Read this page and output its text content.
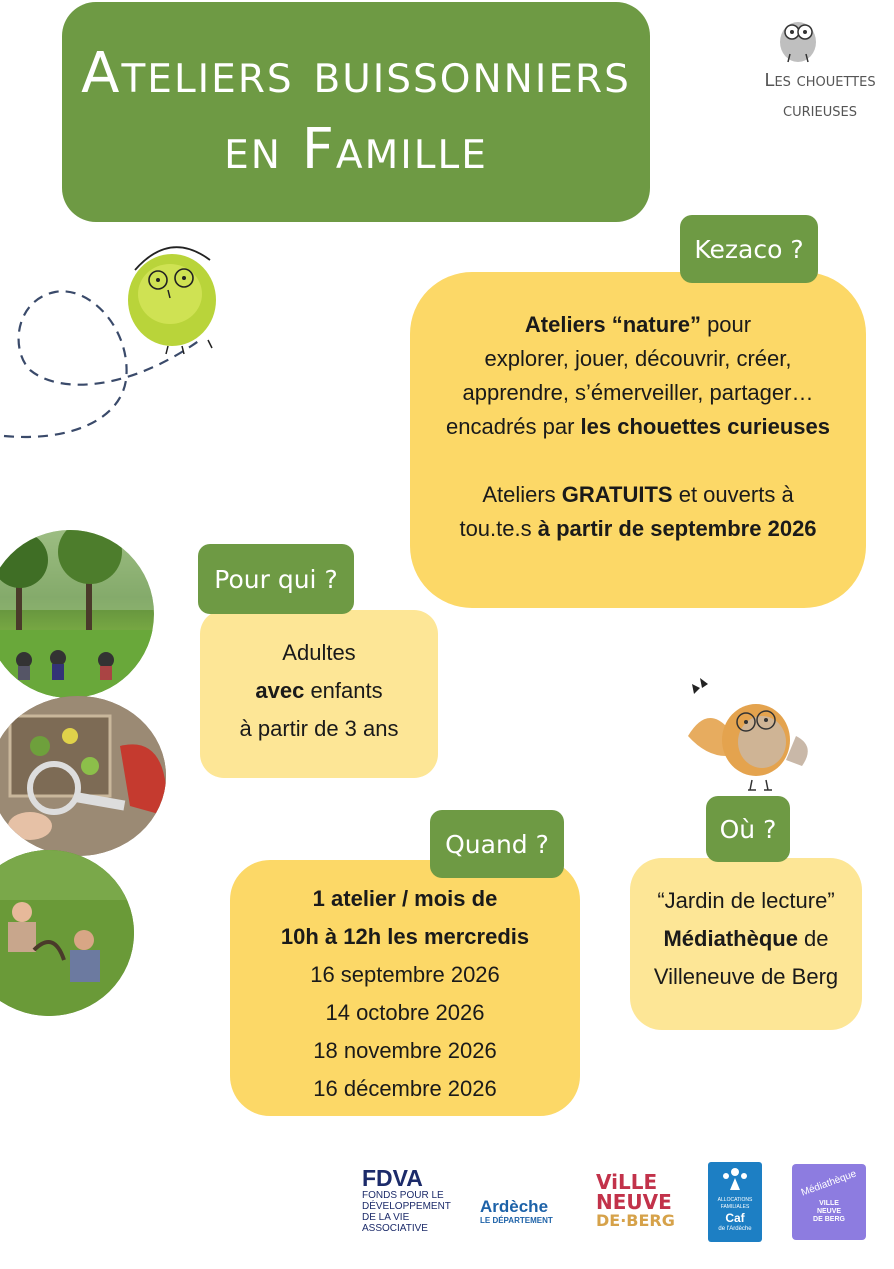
Ateliers buissonniers
en Famille
Les chouettes
curieuses
Ateliers “nature” pour
explorer, jouer, découvrir, créer,
apprendre, s’émerveiller, partager…
encadrés par les chouettes curieuses
Ateliers GRATUITS et ouverts à
tou.te.s à partir de septembre 2026
Kezaco ?
Adultes
avec enfants
à partir de 3 ans
Pour qui ?
1 atelier / mois de
10h à 12h les mercredis
16 septembre 2026
14 octobre 2026
18 novembre 2026
16 décembre 2026
Quand ?
“Jardin de lecture”
Médiathèque de
Villeneuve de Berg
Où ?
FDVA
FONDS POUR LE
DÉVELOPPEMENT
DE LA VIE
ASSOCIATIVE
Ardèche
LE DÉPARTEMENT
ViLLE
NEUVE
DE·BERG
ALLOCATIONS
FAMILIALES
Caf
de l'Ardèche
Médiathèque
VILLE
NEUVE
DE BERG
